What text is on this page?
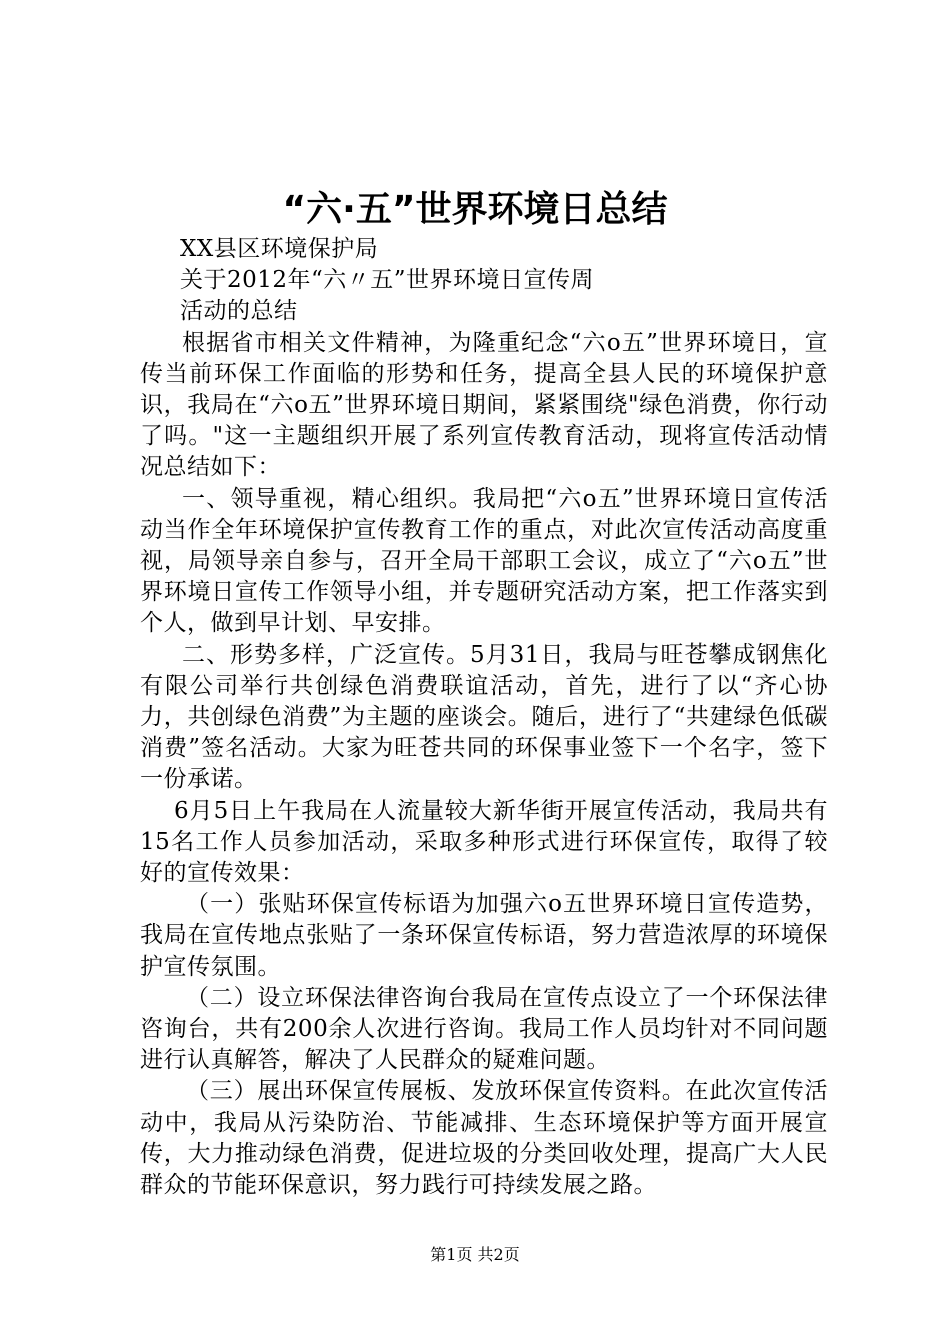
“六·五”世界环境日总结

XX县区环境保护局

关于2012年“六〃五”世界环境日宣传周

活动的总结

根据省市相关文件精神，为隆重纪念“六ο五”世界环境日，宣传当前环保工作面临的形势和任务，提高全县人民的环境保护意识，我局在“六ο五”世界环境日期间，紧紧围绕"绿色消费，你行动了吗。"这一主题组织开展了系列宣传教育活动，现将宣传活动情况总结如下：

一、领导重视，精心组织。我局把“六ο五”世界环境日宣传活动当作全年环境保护宣传教育工作的重点，对此次宣传活动高度重视，局领导亲自参与，召开全局干部职工会议，成立了“六ο五”世界环境日宣传工作领导小组，并专题研究活动方案，把工作落实到个人，做到早计划、早安排。

二、形势多样，广泛宣传。5月31日，我局与旺苍攀成钢焦化有限公司举行共创绿色消费联谊活动，首先，进行了以“齐心协力，共创绿色消费”为主题的座谈会。随后，进行了“共建绿色低碳消费”签名活动。大家为旺苍共同的环保事业签下一个名字，签下一份承诺。

6月5日上午我局在人流量较大新华街开展宣传活动，我局共有15名工作人员参加活动，采取多种形式进行环保宣传，取得了较好的宣传效果：

（一）张贴环保宣传标语为加强六ο五世界环境日宣传造势，我局在宣传地点张贴了一条环保宣传标语，努力营造浓厚的环境保护宣传氛围。

（二）设立环保法律咨询台我局在宣传点设立了一个环保法律咨询台，共有200余人次进行咨询。我局工作人员均针对不同问题进行认真解答，解决了人民群众的疑难问题。

（三）展出环保宣传展板、发放环保宣传资料。在此次宣传活动中，我局从污染防治、节能减排、生态环境保护等方面开展宣传，大力推动绿色消费，促进垃圾的分类回收处理，提高广大人民群众的节能环保意识，努力践行可持续发展之路。

第1页 共2页
